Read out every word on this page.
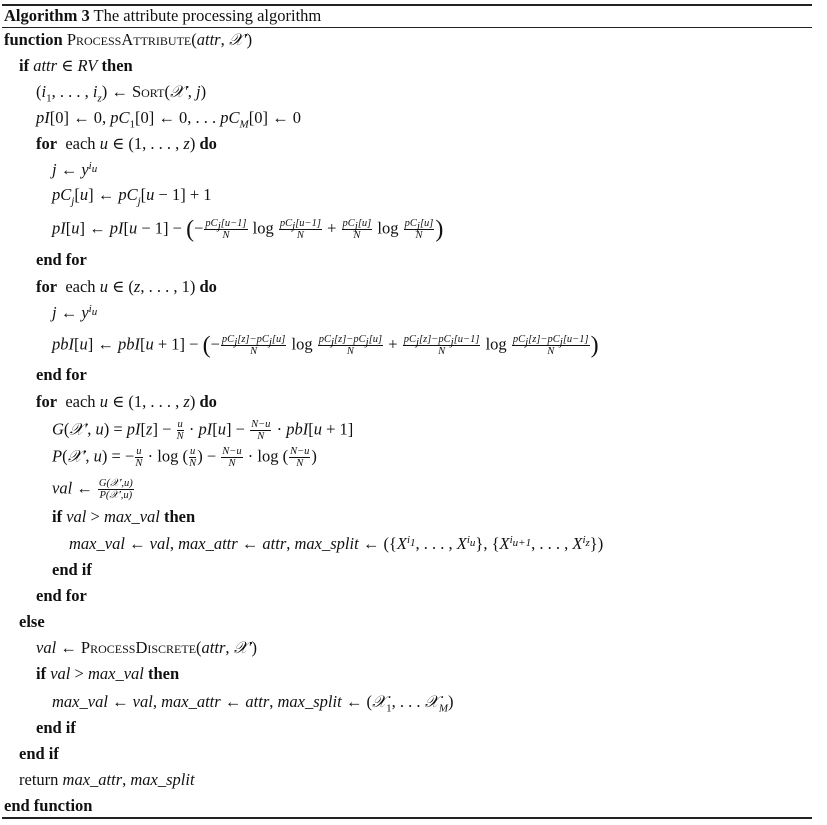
Algorithm 3 The attribute processing algorithm
function ProcessAttribute(attr, 𝒳′)
if attr ∈ RV then
($i_1$, . . . , $i_z$) ← Sort(𝒳′, j)
pI[0] ← 0, $pC_1[0]$ ← 0, . . . $pC_M[0]$ ← 0
for  each u ∈ (1, . . . , z) do
j ← $y^{i_u}$
$pC_j[u]$ ← $pC_j[u - 1] + 1$
pI[u] ← pI[u − 1] − (− $\frac{pC_j[u-1]}{N}$ $\log \frac{pC_j[u-1]}{N} + \frac{pC_j[u]}{N}$ $\log \frac{pC_j[u]}{N}$ )
end for
for  each u ∈ (z, . . . , 1) do
j ← $y^{i_u}$
pbI[u] ← pbI[u + 1] − (− $\frac{pC_j[z]-pC_j[u]}{N}$ $\log \frac{pC_j[z]-pC_j[u]}{N} + \frac{pC_j[z]-pC_j[u-1]}{N}$ $\log \frac{pC_j[z]-pC_j[u-1]}{N}$ )
end for
for  each u ∈ (1, . . . , z) do
G(𝒳′, $u) = pI[z] - \frac{u}{N} \cdot pI[u] - \frac{N-u}{N} \cdot pbI[u + 1]$
P(𝒳′, u) = − $\frac{u}{N} \cdot \log$ ( $\frac{u}{N}$ ) − $\frac{N-u}{N} \cdot \log$ ( $\frac{N-u}{N}$ )
val ← $\frac{\text{G(𝒳′,u)}}{\text{P(𝒳′,u)}}$
if val > max_val then
max_val ← val, max_attr ← attr, max_split ← ({$X^{i_1}$, . . . , $X^{i_u}$}, {$X^{i_{u+1}}$, . . . , $X^{i_z}$})
end if
end for
else
val ← ProcessDiscrete(attr, 𝒳′)
if val > max_val then
max_val ← val, max_attr ← attr, max_split ← (𝒳$_1$, . . . 𝒳$_M$)
end if
end if
return max_attr, max_split
end function
